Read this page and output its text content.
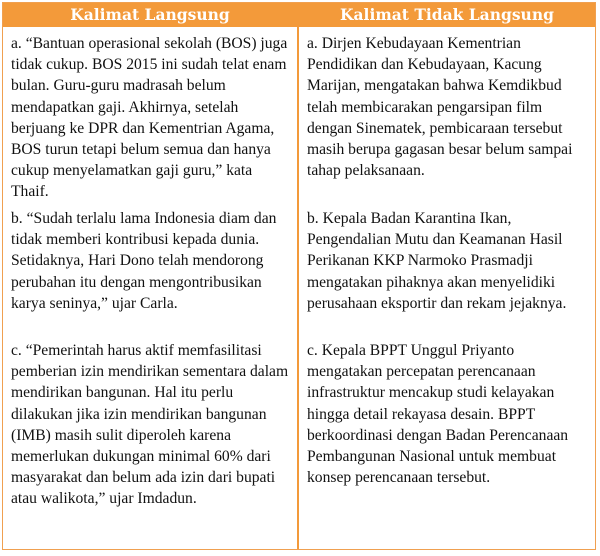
Kalimat Langsung	Kalimat Tidak Langsung

a. “Bantuan operasional sekolah (BOS) juga tidak cukup. BOS 2015 ini sudah telat enam bulan. Guru-guru madrasah belum mendapatkan gaji. Akhirnya, setelah berjuang ke DPR dan Kementrian Agama, BOS turun tetapi belum semua dan hanya cukup menyelamatkan gaji guru,” kata Thaif.

b. “Sudah terlalu lama Indonesia diam dan tidak memberi kontribusi kepada dunia. Setidaknya, Hari Dono telah mendorong perubahan itu dengan mengontribusikan karya seninya,” ujar Carla.

c. “Pemerintah harus aktif memfasilitasi pemberian izin mendirikan sementara dalam mendirikan bangunan. Hal itu perlu dilakukan jika izin mendirikan bangunan (IMB) masih sulit diperoleh karena memerlukan dukungan minimal 60% dari masyarakat dan belum ada izin dari bupati atau walikota,” ujar Imdadun.

a. Dirjen Kebudayaan Kementrian Pendidikan dan Kebudayaan, Kacung Marijan, mengatakan bahwa Kemdikbud telah membicarakan pengarsipan film dengan Sinematek, pembicaraan tersebut masih berupa gagasan besar belum sampai tahap pelaksanaan.

b. Kepala Badan Karantina Ikan, Pengendalian Mutu dan Keamanan Hasil Perikanan KKP Narmoko Prasmadji mengatakan pihaknya akan menyelidiki perusahaan eksportir dan rekam jejaknya.

c. Kepala BPPT Unggul Priyanto mengatakan percepatan perencanaan infrastruktur mencakup studi kelayakan hingga detail rekayasa desain. BPPT berkoordinasi dengan Badan Perencanaan Pembangunan Nasional untuk membuat konsep perencanaan tersebut.
